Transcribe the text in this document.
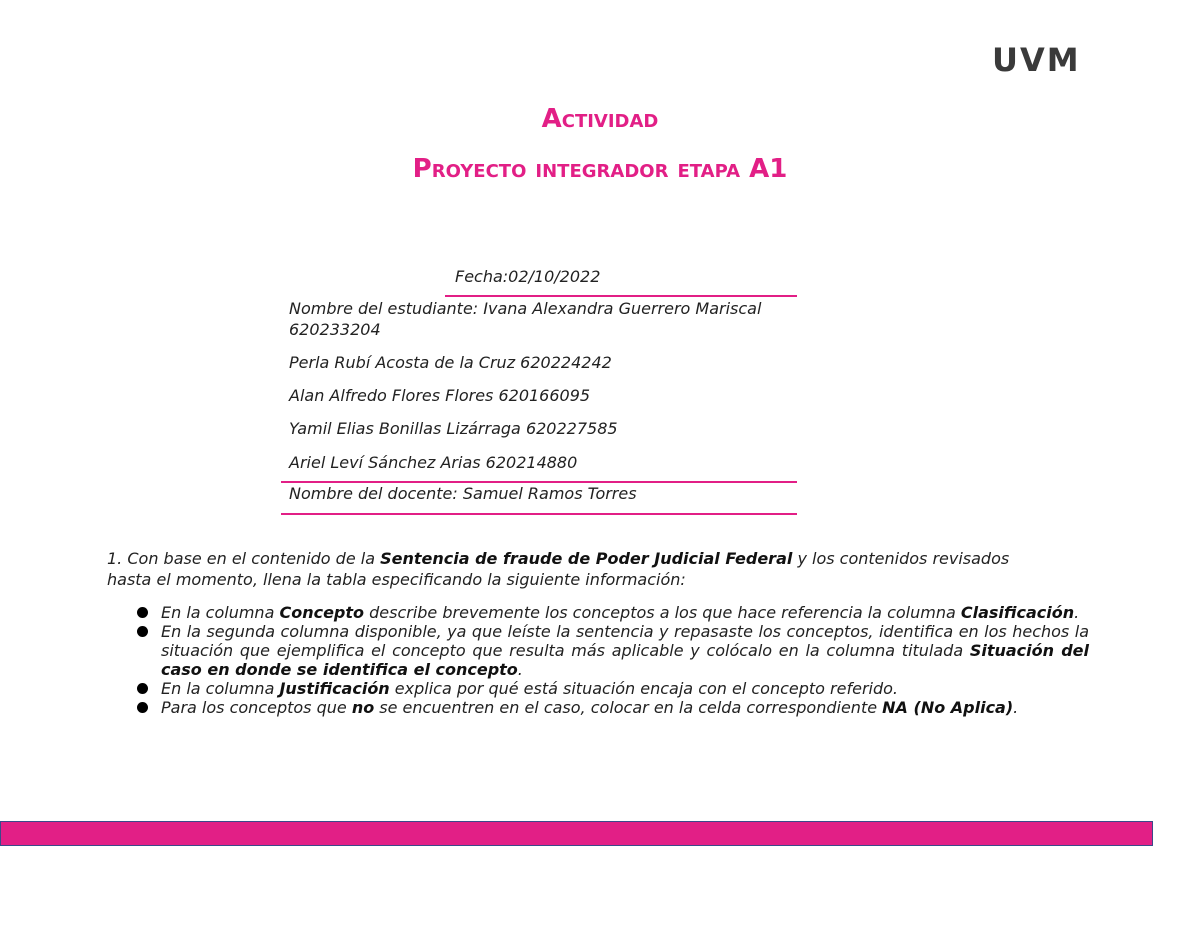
UVM
Actividad
Proyecto integrador etapa A1
Fecha:02/10/2022
Nombre del estudiante: Ivana Alexandra Guerrero Mariscal
620233204
Perla Rubí Acosta de la Cruz 620224242
Alan Alfredo Flores Flores 620166095
Yamil Elias Bonillas Lizárraga 620227585
Ariel Leví Sánchez Arias 620214880
Nombre del docente: Samuel Ramos Torres
1. Con base en el contenido de la Sentencia de fraude de Poder Judicial Federal y los contenidos revisados hasta el momento, llena la tabla especificando la siguiente información:
En la columna Concepto describe brevemente los conceptos a los que hace referencia la columna Clasificación.
En la segunda columna disponible, ya que leíste la sentencia y repasaste los conceptos, identifica en los hechos la situación que ejemplifica el concepto que resulta más aplicable y colócalo en la columna titulada Situación del caso en donde se identifica el concepto.
En la columna Justificación explica por qué está situación encaja con el concepto referido.
Para los conceptos que no se encuentren en el caso, colocar en la celda correspondiente NA (No Aplica).
